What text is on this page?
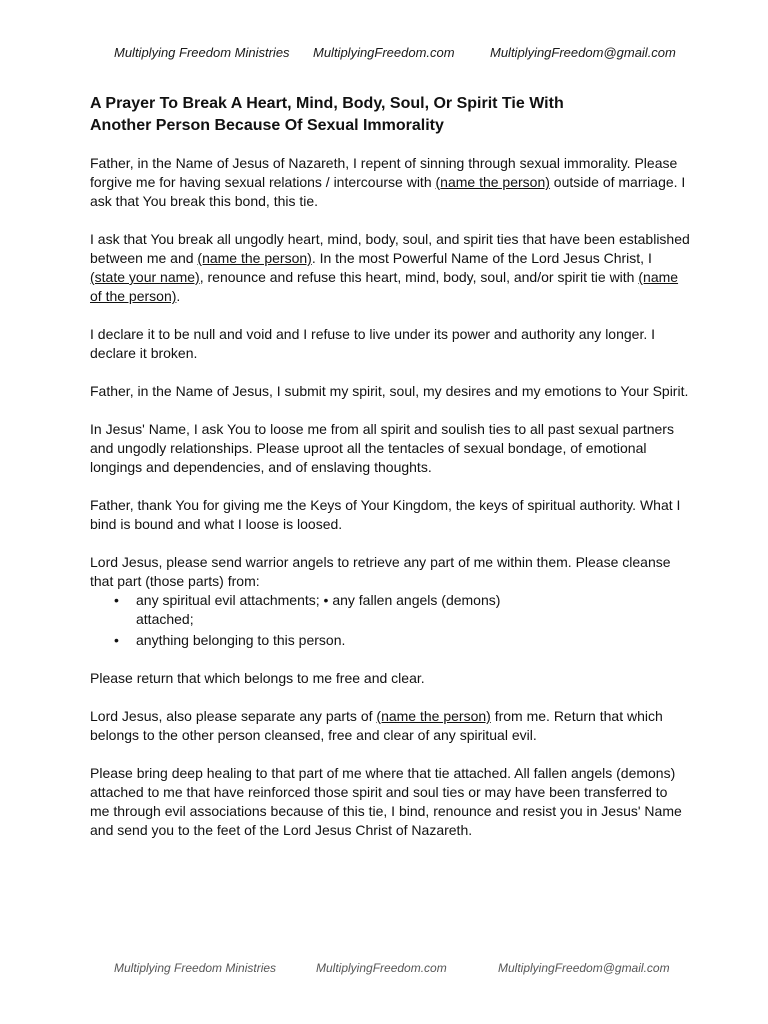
Multiplying Freedom Ministries MultiplyingFreedom.com	MultiplyingFreedom@gmail.com
A Prayer To Break A Heart, Mind, Body, Soul, Or Spirit Tie With
Another Person Because Of Sexual Immorality

Father, in the Name of Jesus of Nazareth, I repent of sinning through sexual immorality. Please forgive me for having sexual relations / intercourse with (name the person) outside of marriage. I ask that You break this bond, this tie.

I ask that You break all ungodly heart, mind, body, soul, and spirit ties that have been established between me and (name the person). In the most Powerful Name of the Lord Jesus Christ, I (state your name), renounce and refuse this heart, mind, body, soul, and/or spirit tie with (name of the person).

I declare it to be null and void and I refuse to live under its power and authority any longer. I declare it broken.

Father, in the Name of Jesus, I submit my spirit, soul, my desires and my emotions to Your Spirit.

In Jesus' Name, I ask You to loose me from all spirit and soulish ties to all past sexual partners and ungodly relationships. Please uproot all the tentacles of sexual bondage, of emotional longings and dependencies, and of enslaving thoughts.

Father, thank You for giving me the Keys of Your Kingdom, the keys of spiritual authority. What I bind is bound and what I loose is loosed.

Lord Jesus, please send warrior angels to retrieve any part of me within them. Please cleanse that part (those parts) from:

• any spiritual evil attachments; • any fallen angels (demons) attached;
• anything belonging to this person.

Please return that which belongs to me free and clear.

Lord Jesus, also please separate any parts of (name the person) from me. Return that which belongs to the other person cleansed, free and clear of any spiritual evil.

Please bring deep healing to that part of me where that tie attached. All fallen angels (demons) attached to me that have reinforced those spirit and soul ties or may have been transferred to me through evil associations because of this tie, I bind, renounce and resist you in Jesus' Name and send you to the feet of the Lord Jesus Christ of Nazareth.

Multiplying Freedom Ministries	MultiplyingFreedom.com	MultiplyingFreedom@gmail.com
